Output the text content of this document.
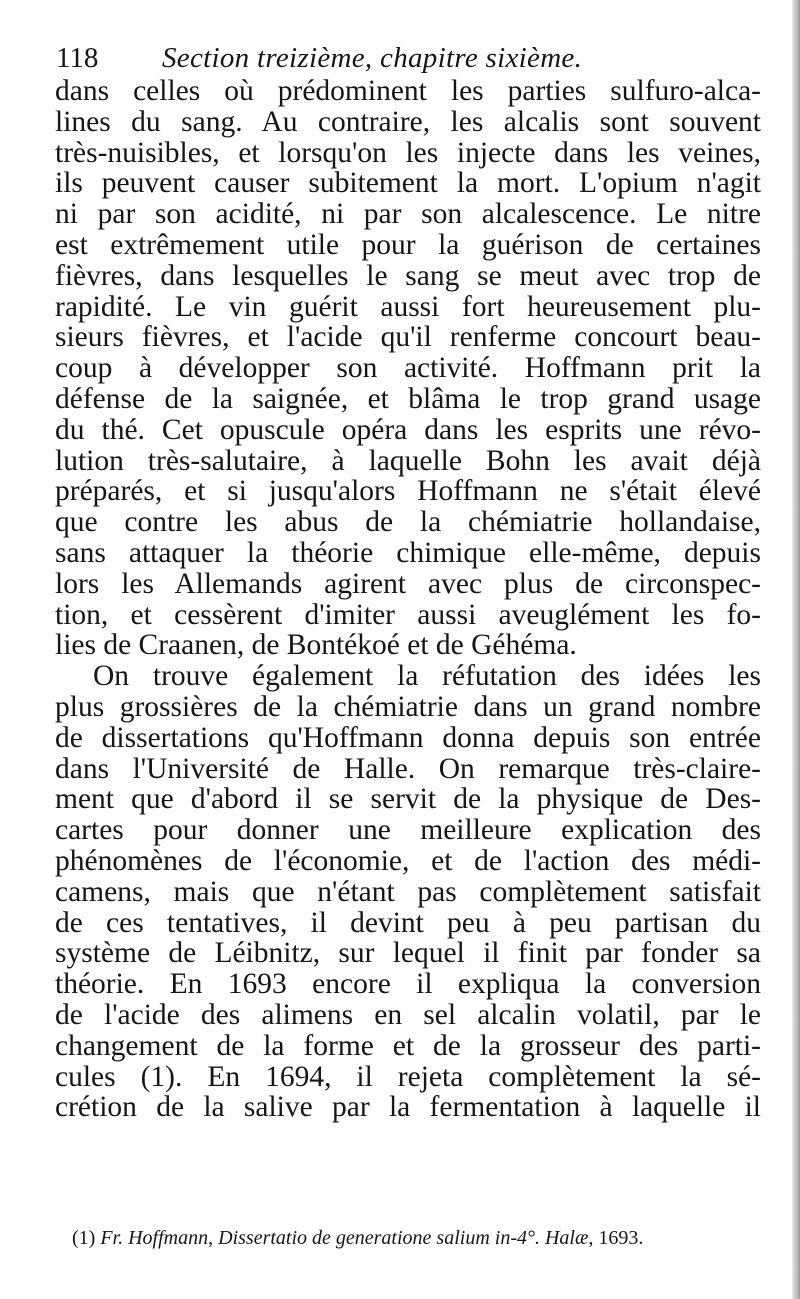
118 Section treizième, chapitre sixième.
dans celles où prédominent les parties sulfuro-alca-
lines du sang. Au contraire, les alcalis sont souvent
très-nuisibles, et lorsqu'on les injecte dans les veines,
ils peuvent causer subitement la mort. L'opium n'agit
ni par son acidité, ni par son alcalescence. Le nitre
est extrêmement utile pour la guérison de certaines
fièvres, dans lesquelles le sang se meut avec trop de
rapidité. Le vin guérit aussi fort heureusement plu-
sieurs fièvres, et l'acide qu'il renferme concourt beau-
coup à développer son activité. Hoffmann prit la
défense de la saignée, et blâma le trop grand usage
du thé. Cet opuscule opéra dans les esprits une révo-
lution très-salutaire, à laquelle Bohn les avait déjà
préparés, et si jusqu'alors Hoffmann ne s'était élevé
que contre les abus de la chémiatrie hollandaise,
sans attaquer la théorie chimique elle-même, depuis
lors les Allemands agirent avec plus de circonspec-
tion, et cessèrent d'imiter aussi aveuglément les fo-
lies de Craanen, de Bontékoé et de Géhéma.
On trouve également la réfutation des idées les
plus grossières de la chémiatrie dans un grand nombre
de dissertations qu'Hoffmann donna depuis son entrée
dans l'Université de Halle. On remarque très-claire-
ment que d'abord il se servit de la physique de Des-
cartes pour donner une meilleure explication des
phénomènes de l'économie, et de l'action des médi-
camens, mais que n'étant pas complètement satisfait
de ces tentatives, il devint peu à peu partisan du
système de Léibnitz, sur lequel il finit par fonder sa
théorie. En 1693 encore il expliqua la conversion
de l'acide des alimens en sel alcalin volatil, par le
changement de la forme et de la grosseur des parti-
cules (1). En 1694, il rejeta complètement la sé-
crétion de la salive par la fermentation à laquelle il
(1) Fr. Hoffmann, Dissertatio de generatione salium in-4°. Halæ, 1693.
